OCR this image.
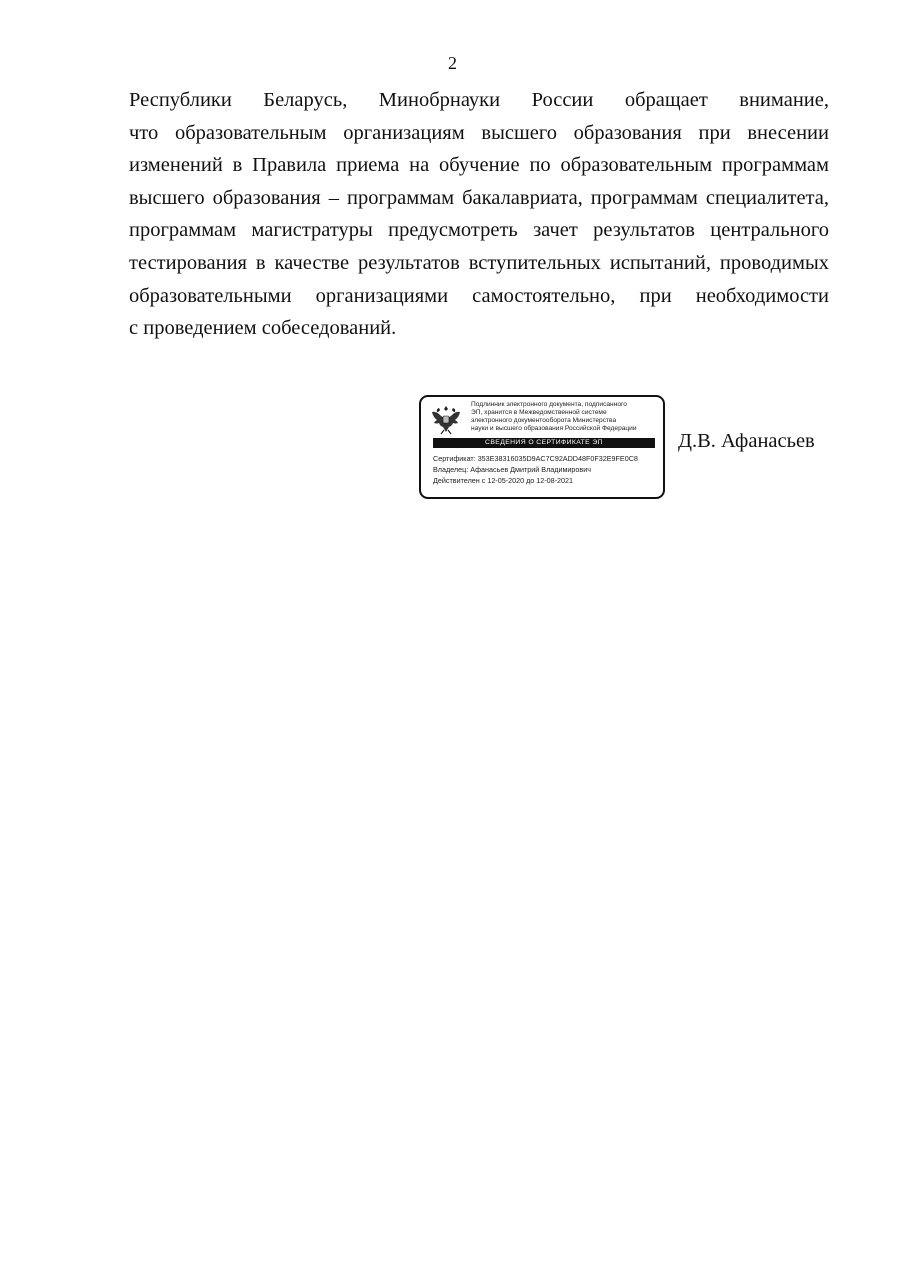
2

Республики Беларусь, Минобрнауки России обращает внимание,
что образовательным организациям высшего образования при внесении
изменений в Правила приема на обучение по образовательным программам
высшего образования – программам бакалавриата, программам специалитета,
программам магистратуры предусмотреть зачет результатов центрального
тестирования в качестве результатов вступительных испытаний, проводимых
образовательными организациями самостоятельно, при необходимости
с проведением собеседований.

Подлинник электронного документа, подписанного
ЭП, хранится в Межведомственной системе
электронного документооборота Министерства
науки и высшего образования Российской Федерации
СВЕДЕНИЯ О СЕРТИФИКАТЕ ЭП
Сертификат: 353E38316035D9AC7C92ADD48F0F32E9FE0C8
Владелец: Афанасьев Дмитрий Владимирович
Действителен с 12-05-2020 до 12-08-2021
Д.В. Афанасьев
